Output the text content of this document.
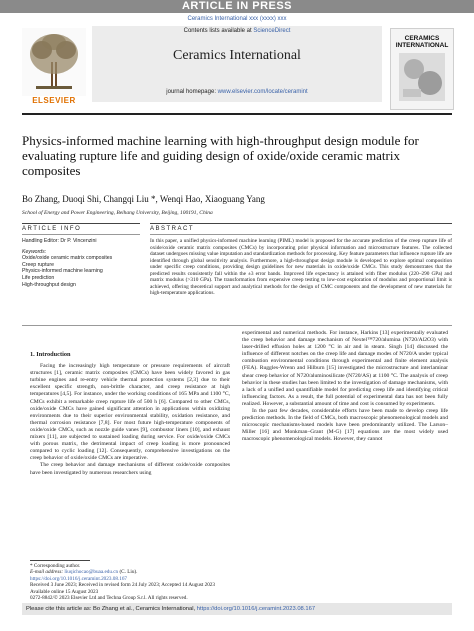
ARTICLE IN PRESS
Ceramics International xxx (xxxx) xxx
ELSEVIER
Contents lists available at ScienceDirect
Ceramics International
journal homepage: www.elsevier.com/locate/ceramint
CERAMICS INTERNATIONAL
Physics-informed machine learning with high-throughput design module for evaluating rupture life and guiding design of oxide/oxide ceramic matrix composites
Bo Zhang, Duoqi Shi, Changqi Liu *, Wenqi Hao, Xiaoguang Yang
School of Energy and Power Engineering, Beihang University, Beijing, 100191, China
ARTICLE INFO	ABSTRACT
Handling Editor: Dr P. Vincenzini
Keywords:
Oxide/oxide ceramic matrix composites
Creep rupture
Physics-informed machine learning
Life prediction
High-throughput design
In this paper, a unified physics-informed machine learning (PIML) model is proposed for the accurate prediction of the creep rupture life of oxide/oxide ceramic matrix composites (CMCs) by incorporating prior physical information and microstructure features. The collected dataset undergoes missing value imputation and standardization methods for processing. Key feature parameters that influence rupture life are identified through global sensitivity analysis. Furthermore, a high-throughput design module is developed to explore optimal composition under specific creep conditions, providing design guidelines for new materials in oxide/oxide CMCs. This study demonstrates that the predicted results consistently fall within the ±3 error bands. Improved life expectancy is attained with fiber modulus (220–290 GPa) and matrix modulus (>310 GPa). The transformation from expensive creep testing to low-cost exploration of modulus and proportional limit is achieved, offering theoretical support and analytical methods for the design of CMC components and the development of new materials for high-temperature applications.
1. Introduction

Facing the increasingly high temperature or pressure requirements of aircraft structures [1], ceramic matrix composites (CMCs) have been widely favored in gas turbine engines and re-entry vehicle thermal protection systems [2,3] due to their excellent specific strength, non-brittle character, and creep resistance at high temperatures [4,5]. For instance, under the working conditions of 165 MPa and 1100 °C, CMCs exhibit a remarkable creep rupture life of 500 h [6]. Compared to other CMCs, oxide/oxide CMCs have gained significant attention in applications within oxidizing environments due to their superior environmental stability, oxidation resistance, and thermal corrosion resistance [7,8]. For most future high-temperature components of oxide/oxide CMCs, such as nozzle guide vanes [9], combustor liners [10], and exhaust mixers [11], are subjected to sustained loading during service. For oxide/oxide CMCs with porous matrix, the detrimental impact of creep loading is more pronounced compared to cyclic loading [12]. Consequently, comprehensive investigations on the creep behavior of oxide/oxide CMCs are imperative.

The creep behavior and damage mechanisms of different oxide/oxide composites have been investigated by numerous researchers using

experimental and numerical methods. For instance, Harkins [13] experimentally evaluated the creep behavior and damage mechanism of Nextel™720/alumina (N720/Al2O3) with laser-drilled effusion holes at 1200 °C in air and in steam. Singh [14] discussed the influence of different notches on the creep life and damage modes of N720/A under typical combustion environmental conditions through experimental and finite element analysis (FEA). Ruggles-Wrenn and Hilburn [15] investigated the microstructure and interlaminar shear creep behavior of N720/aluminosilicate (N720/AS) at 1100 °C. The analysis of creep behavior in these studies has been limited to the investigation of damage mechanisms, with a lack of a unified and quantifiable model for predicting creep life and identifying critical influencing factors. As a result, the full potential of experimental data has not been fully realized. However, a substantial amount of time and cost is consumed by experiments.

In the past few decades, considerable efforts have been made to develop creep life prediction methods. In the field of CMCs, both macroscopic phenomenological models and microscopic mechanisms-based models have been predominantly utilized. The Larson–Miller [16] and Monkman–Grant (M-G) [17] equations are the most widely used macroscopic phenomenological models. However, they cannot

* Corresponding author.
E-mail address: liuqichocao@buaa.edu.cn (C. Liu).
https://doi.org/10.1016/j.ceramint.2023.08.167
Received 3 June 2023; Received in revised form 24 July 2023; Accepted 14 August 2023
Available online 15 August 2023
0272-8842/© 2023 Elsevier Ltd and Techna Group S.r.l. All rights reserved.
Please cite this article as: Bo Zhang et al., Ceramics International, https://doi.org/10.1016/j.ceramint.2023.08.167
